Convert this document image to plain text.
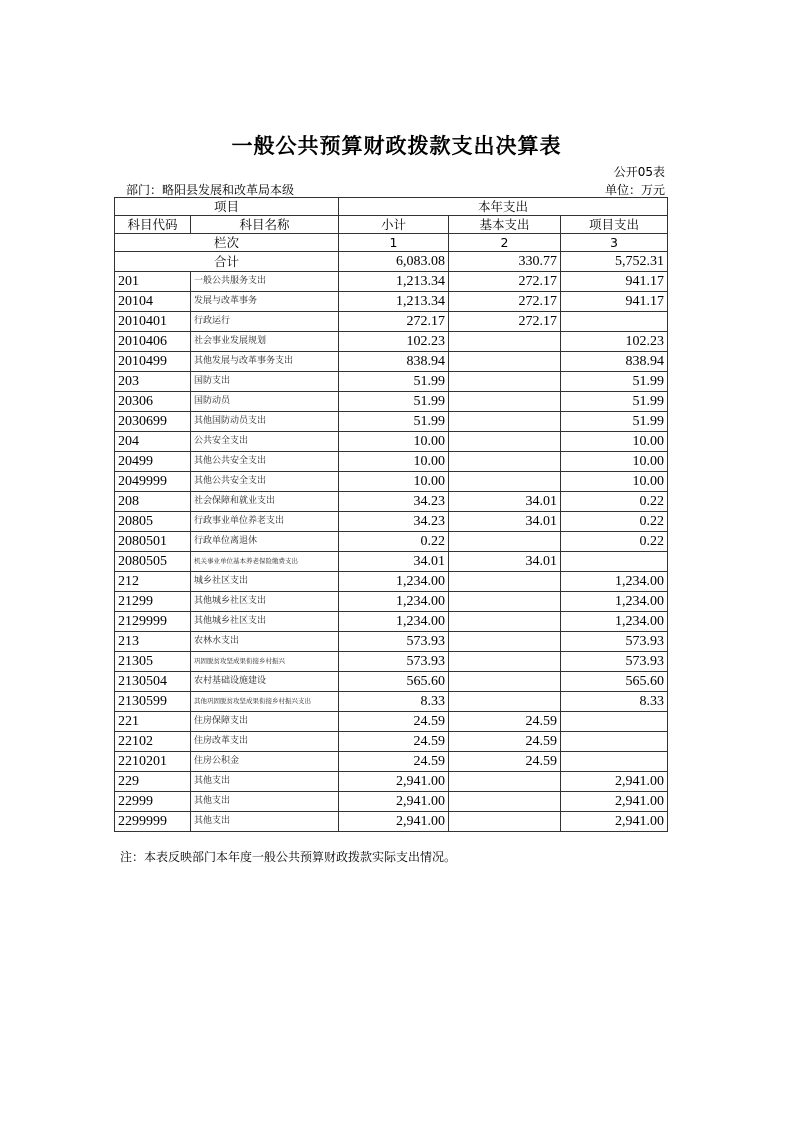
一般公共预算财政拨款支出决算表
公开05表
部门：略阳县发展和改革局本级	单位：万元
项目		本年支出		
科目代码	科目名称	小计	基本支出	项目支出
栏次		1	2	3
合计		6,083.08	330.77	5,752.31
201	一般公共服务支出	1,213.34	272.17	941.17
20104	发展与改革事务	1,213.34	272.17	941.17
2010401	行政运行	272.17	272.17	
2010406	社会事业发展规划	102.23		102.23
2010499	其他发展与改革事务支出	838.94		838.94
203	国防支出	51.99		51.99
20306	国防动员	51.99		51.99
2030699	其他国防动员支出	51.99		51.99
204	公共安全支出	10.00		10.00
20499	其他公共安全支出	10.00		10.00
2049999	其他公共安全支出	10.00		10.00
208	社会保障和就业支出	34.23	34.01	0.22
20805	行政事业单位养老支出	34.23	34.01	0.22
2080501	行政单位离退休	0.22		0.22
2080505	机关事业单位基本养老保险缴费支出	34.01	34.01	
212	城乡社区支出	1,234.00		1,234.00
21299	其他城乡社区支出	1,234.00		1,234.00
2129999	其他城乡社区支出	1,234.00		1,234.00
213	农林水支出	573.93		573.93
21305	巩固脱贫攻坚成果衔接乡村振兴	573.93		573.93
2130504	农村基础设施建设	565.60		565.60
2130599	其他巩固脱贫攻坚成果衔接乡村振兴支出	8.33		8.33
221	住房保障支出	24.59	24.59	
22102	住房改革支出	24.59	24.59	
2210201	住房公积金	24.59	24.59	
229	其他支出	2,941.00		2,941.00
22999	其他支出	2,941.00		2,941.00
2299999	其他支出	2,941.00		2,941.00
注：本表反映部门本年度一般公共预算财政拨款实际支出情况。
